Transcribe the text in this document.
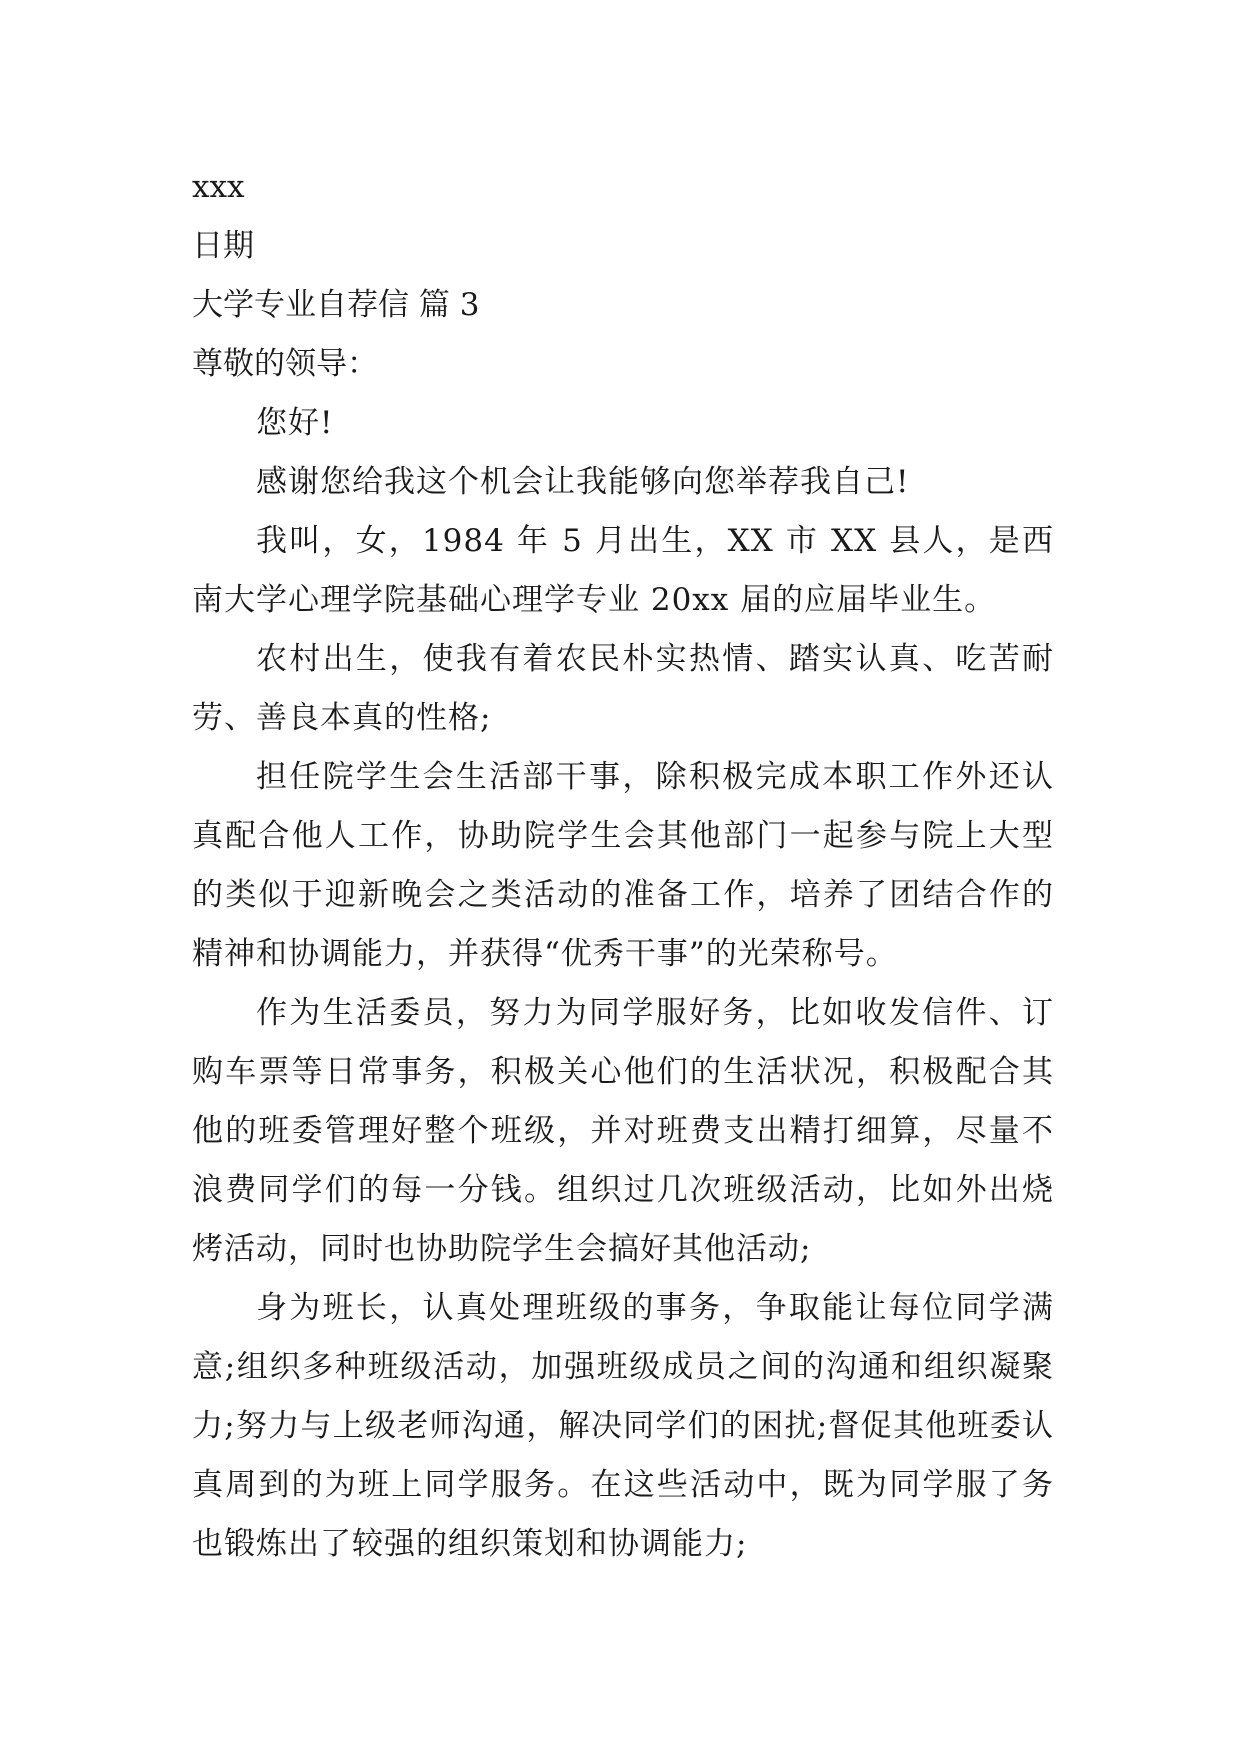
xxx

日期

大学专业自荐信 篇 3

尊敬的领导：

您好!

感谢您给我这个机会让我能够向您举荐我自己!

我叫，女，1984 年 5 月出生，XX 市 XX 县人，是西南大学心理学院基础心理学专业 20xx 届的应届毕业生。

农村出生，使我有着农民朴实热情、踏实认真、吃苦耐劳、善良本真的性格;

担任院学生会生活部干事，除积极完成本职工作外还认真配合他人工作，协助院学生会其他部门一起参与院上大型的类似于迎新晚会之类活动的准备工作，培养了团结合作的精神和协调能力，并获得“优秀干事”的光荣称号。

作为生活委员，努力为同学服好务，比如收发信件、订购车票等日常事务，积极关心他们的生活状况，积极配合其他的班委管理好整个班级，并对班费支出精打细算，尽量不浪费同学们的每一分钱。组织过几次班级活动，比如外出烧烤活动，同时也协助院学生会搞好其他活动;

身为班长，认真处理班级的事务，争取能让每位同学满意;组织多种班级活动，加强班级成员之间的沟通和组织凝聚力;努力与上级老师沟通，解决同学们的困扰;督促其他班委认真周到的为班上同学服务。在这些活动中，既为同学服了务也锻炼出了较强的组织策划和协调能力;
